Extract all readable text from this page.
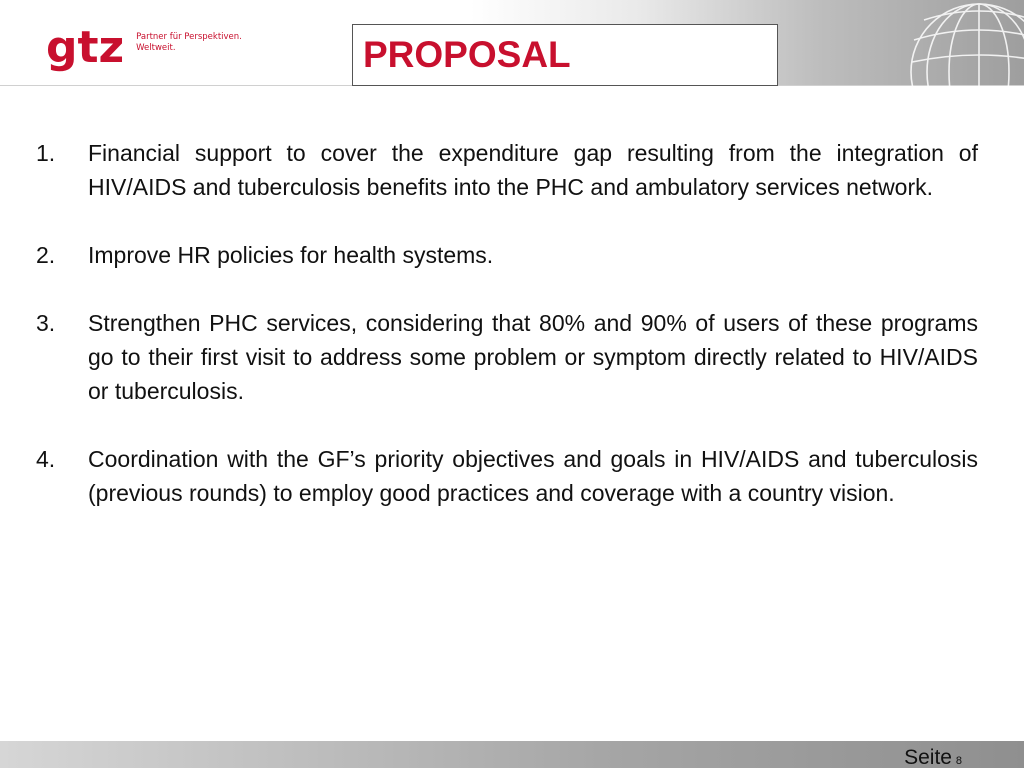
gtz Partner für Perspektiven.
Weltweit.	PROPOSAL
1.	Financial support to cover the expenditure gap resulting from the integration of HIV/AIDS and tuberculosis benefits into the PHC and ambulatory services network.
2.	Improve HR policies for health systems.
3.	Strengthen PHC services, considering that 80% and 90% of users of these programs go to their first visit to address some problem or symptom directly related to HIV/AIDS or tuberculosis.
4.	Coordination with the GF’s priority objectives and goals in HIV/AIDS and tuberculosis (previous rounds) to employ good practices and coverage with a country vision.
Seite 8
